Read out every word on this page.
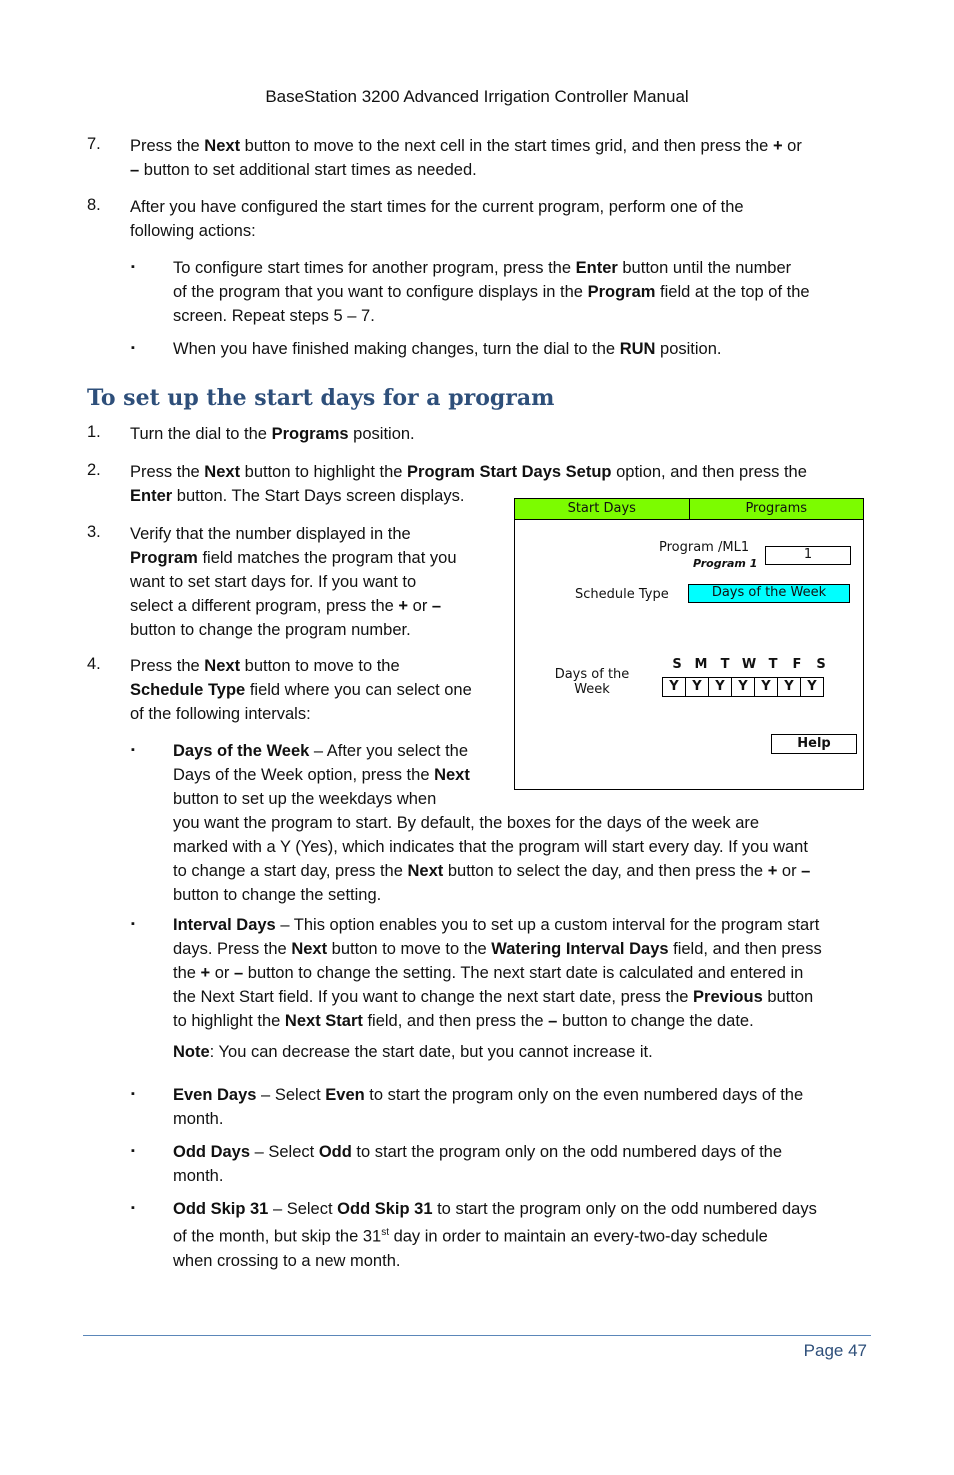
BaseStation 3200 Advanced Irrigation Controller Manual
7. Press the Next button to move to the next cell in the start times grid, and then press the + or
– button to set additional start times as needed.
8. After you have configured the start times for the current program, perform one of the
following actions:
▪ To configure start times for another program, press the Enter button until the number
of the program that you want to configure displays in the Program field at the top of the
screen. Repeat steps 5 – 7.
▪ When you have finished making changes, turn the dial to the RUN position.
To set up the start days for a program
1. Turn the dial to the Programs position.
2. Press the Next button to highlight the Program Start Days Setup option, and then press the
Enter button. The Start Days screen displays.
3. Verify that the number displayed in the
Program field matches the program that you
want to set start days for. If you want to
select a different program, press the + or –
button to change the program number.
4. Press the Next button to move to the
Schedule Type field where you can select one
of the following intervals:
▪ Days of the Week – After you select the
Days of the Week option, press the Next
button to set up the weekdays when
you want the program to start. By default, the boxes for the days of the week are
marked with a Y (Yes), which indicates that the program will start every day. If you want
to change a start day, press the Next button to select the day, and then press the + or –
button to change the setting.
▪ Interval Days – This option enables you to set up a custom interval for the program start
days. Press the Next button to move to the Watering Interval Days field, and then press
the + or – button to change the setting. The next start date is calculated and entered in
the Next Start field. If you want to change the next start date, press the Previous button
to highlight the Next Start field, and then press the – button to change the date.
Note: You can decrease the start date, but you cannot increase it.
▪ Even Days – Select Even to start the program only on the even numbered days of the
month.
▪ Odd Days – Select Odd to start the program only on the odd numbered days of the
month.
▪ Odd Skip 31 – Select Odd Skip 31 to start the program only on the odd numbered days
of the month, but skip the 31st day in order to maintain an every-two-day schedule
when crossing to a new month.
Start Days	Programs
Program /ML1
Program 1
1
Schedule Type	Days of the Week
Days of the
Week
S M	T W T	F	S
Y	Y	Y	Y	Y	Y	Y
Help
Page 47
